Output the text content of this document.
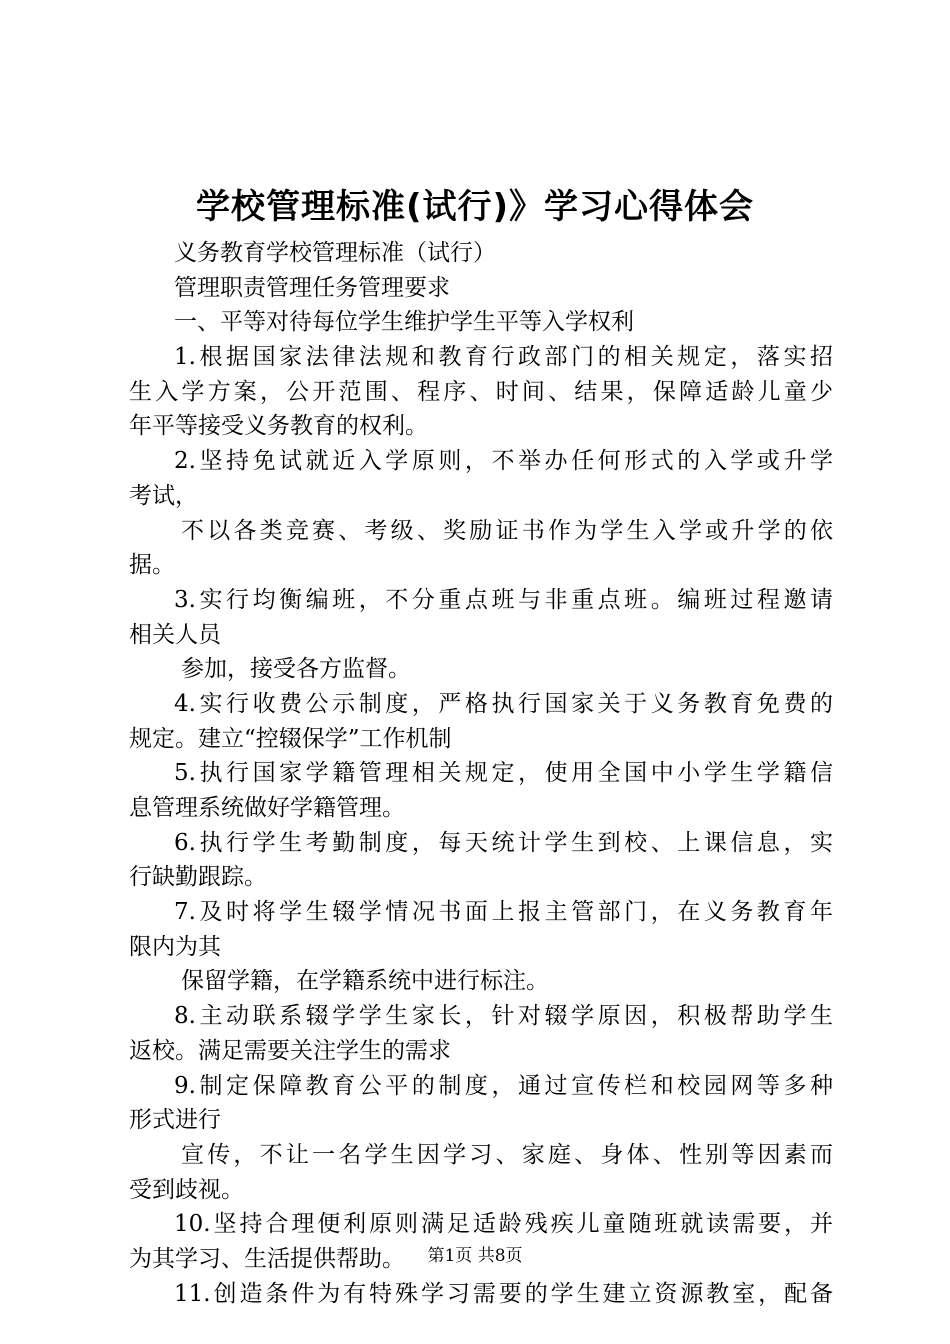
学校管理标准(试行)》学习心得体会
义务教育学校管理标准（试行）
管理职责管理任务管理要求
一、平等对待每位学生维护学生平等入学权利
1.根据国家法律法规和教育行政部门的相关规定，落实招
生入学方案，公开范围、程序、时间、结果，保障适龄儿童少
年平等接受义务教育的权利。
2.坚持免试就近入学原则，不举办任何形式的入学或升学
考试，
不以各类竞赛、考级、奖励证书作为学生入学或升学的依
据。
3.实行均衡编班，不分重点班与非重点班。编班过程邀请
相关人员
参加，接受各方监督。
4.实行收费公示制度，严格执行国家关于义务教育免费的
规定。建立“控辍保学”工作机制
5.执行国家学籍管理相关规定，使用全国中小学生学籍信
息管理系统做好学籍管理。
6.执行学生考勤制度，每天统计学生到校、上课信息，实
行缺勤跟踪。
7.及时将学生辍学情况书面上报主管部门，在义务教育年
限内为其
保留学籍，在学籍系统中进行标注。
8.主动联系辍学学生家长，针对辍学原因，积极帮助学生
返校。满足需要关注学生的需求
9.制定保障教育公平的制度，通过宣传栏和校园网等多种
形式进行
宣传，不让一名学生因学习、家庭、身体、性别等因素而
受到歧视。
10.坚持合理便利原则满足适龄残疾儿童随班就读需要，并
为其学习、生活提供帮助。
11.创造条件为有特殊学习需要的学生建立资源教室，配备
第1页 共8页
